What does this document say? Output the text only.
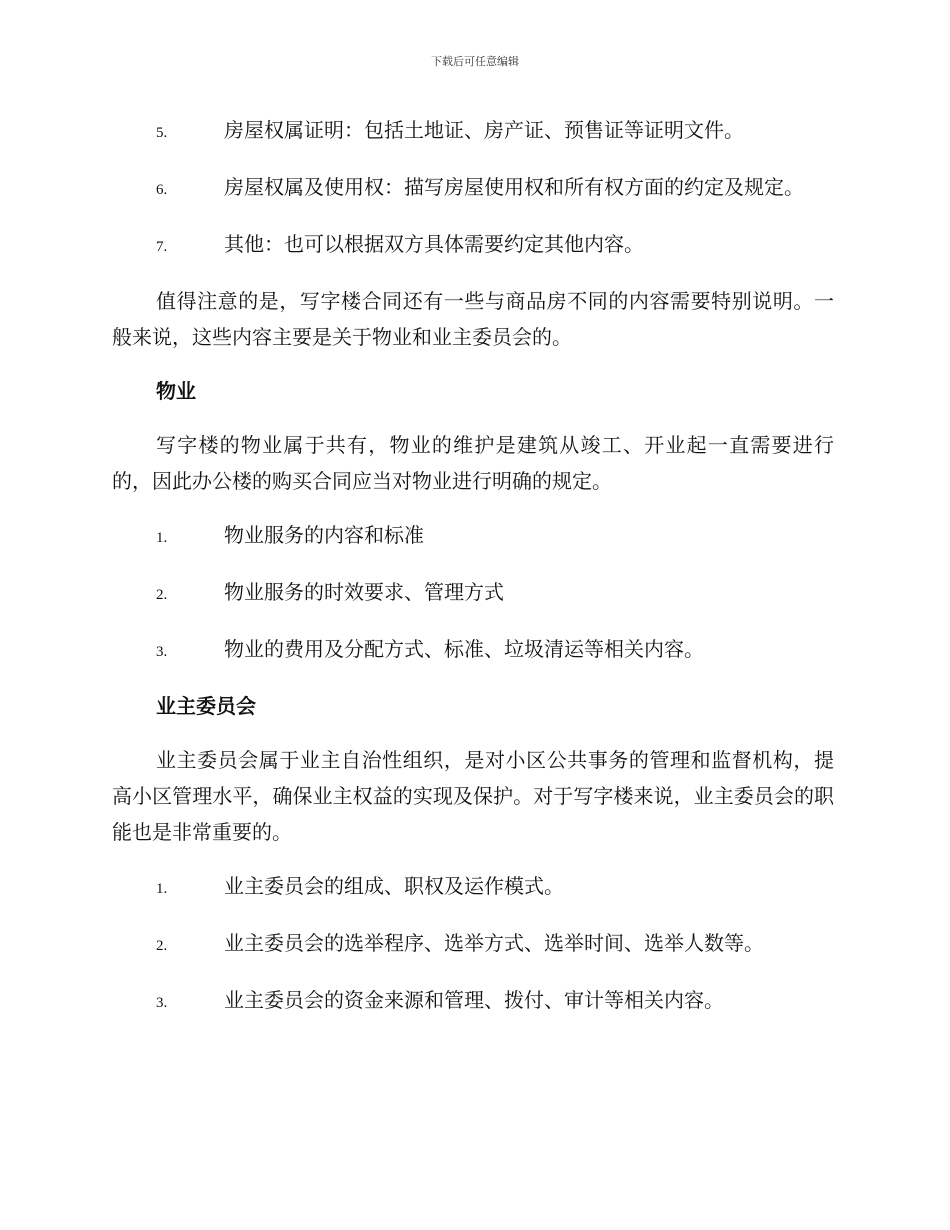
下载后可任意编辑
5.	房屋权属证明：包括土地证、房产证、预售证等证明文件。
6.	房屋权属及使用权：描写房屋使用权和所有权方面的约定及规定。
7.	其他：也可以根据双方具体需要约定其他内容。

值得注意的是，写字楼合同还有一些与商品房不同的内容需要特别说明。一般来说，这些内容主要是关于物业和业主委员会的。

物业

写字楼的物业属于共有，物业的维护是建筑从竣工、开业起一直需要进行的，因此办公楼的购买合同应当对物业进行明确的规定。

1.	物业服务的内容和标准
2.	物业服务的时效要求、管理方式
3.	物业的费用及分配方式、标准、垃圾清运等相关内容。

业主委员会

业主委员会属于业主自治性组织，是对小区公共事务的管理和监督机构，提高小区管理水平，确保业主权益的实现及保护。对于写字楼来说，业主委员会的职能也是非常重要的。

1.	业主委员会的组成、职权及运作模式。
2.	业主委员会的选举程序、选举方式、选举时间、选举人数等。
3.	业主委员会的资金来源和管理、拨付、审计等相关内容。
